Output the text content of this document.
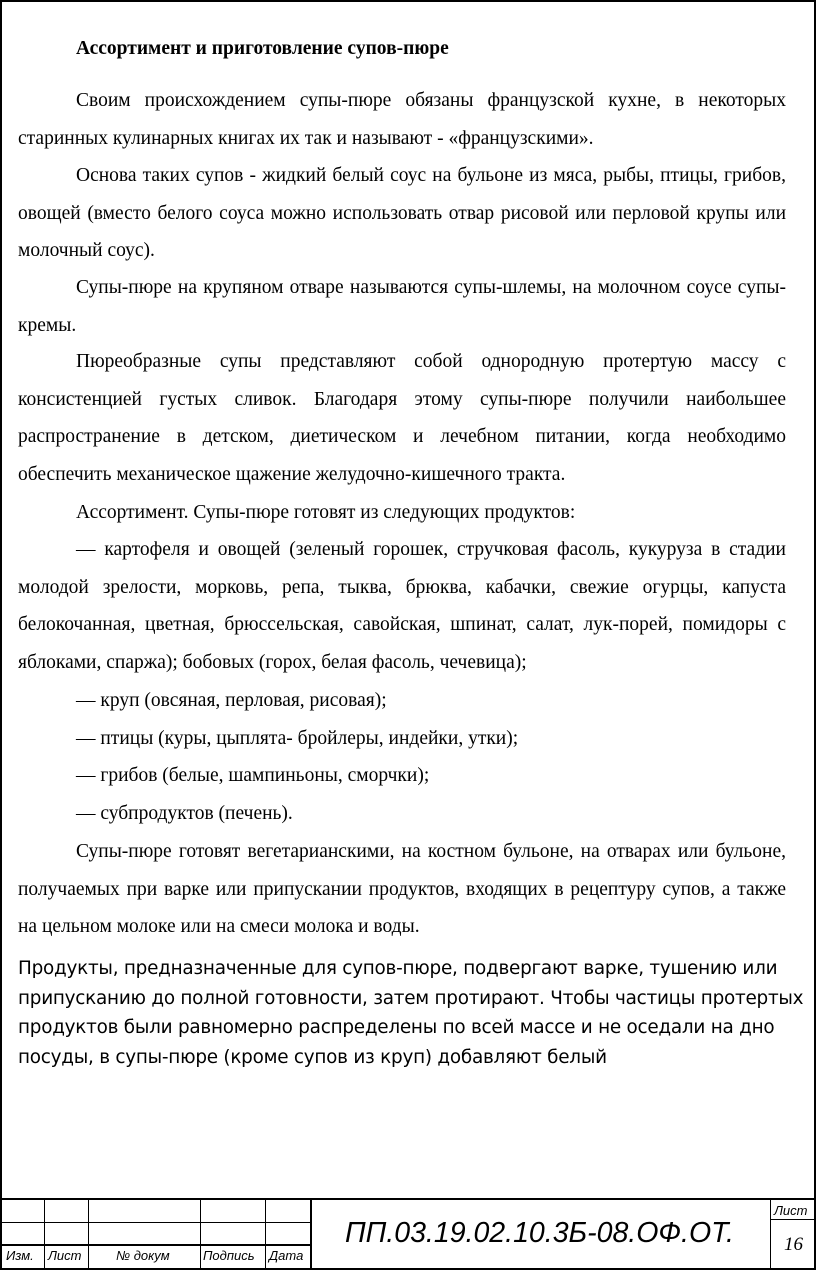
Ассортимент и приготовление супов-пюре
Своим происхождением супы-пюре обязаны французской кухне, в некоторых старинных кулинарных книгах их так и называют - «французскими».
Основа таких супов - жидкий белый соус на бульоне из мяса, рыбы, птицы, грибов, овощей (вместо белого соуса можно использовать отвар рисовой или перловой крупы или молочный соус).
Супы-пюре на крупяном отваре называются супы-шлемы, на молочном соусе супы-кремы.
Пюреобразные супы представляют собой однородную протертую массу с консистенцией густых сливок. Благодаря этому супы-пюре получили наибольшее распространение в детском, диетическом и лечебном питании, когда необходимо обеспечить механическое щажение желудочно-кишечного тракта.
Ассортимент. Супы-пюре готовят из следующих продуктов:
— картофеля и овощей (зеленый горошек, стручковая фасоль, кукуруза в стадии молодой зрелости, морковь, репа, тыква, брюква, кабачки, свежие огурцы, капуста белокочанная, цветная, брюссельская, савойская, шпинат, салат, лук-порей, помидоры с яблоками, спаржа); бобовых (горох, белая фасоль, чечевица);
— круп (овсяная, перловая, рисовая);
— птицы (куры, цыплята- бройлеры, индейки, утки);
— грибов (белые, шампиньоны, сморчки);
— субпродуктов (печень).
Супы-пюре готовят вегетарианскими, на костном бульоне, на отварах или бульоне, получаемых при варке или припускании продуктов, входящих в рецептуру супов, а также на цельном молоке или на смеси молока и воды.
Продукты, предназначенные для супов-пюре, подвергают варке, тушению или припусканию до полной готовности, затем протирают. Чтобы частицы протертых продуктов были равномерно распределены по всей массе и не оседали на дно посуды, в супы-пюре (кроме супов из круп) добавляют белый
Изм. Лист	№ докум	Подпись Дата
Лист
ПП.03.19.02.10.3Б-08.ОФ.ОТ.	16
